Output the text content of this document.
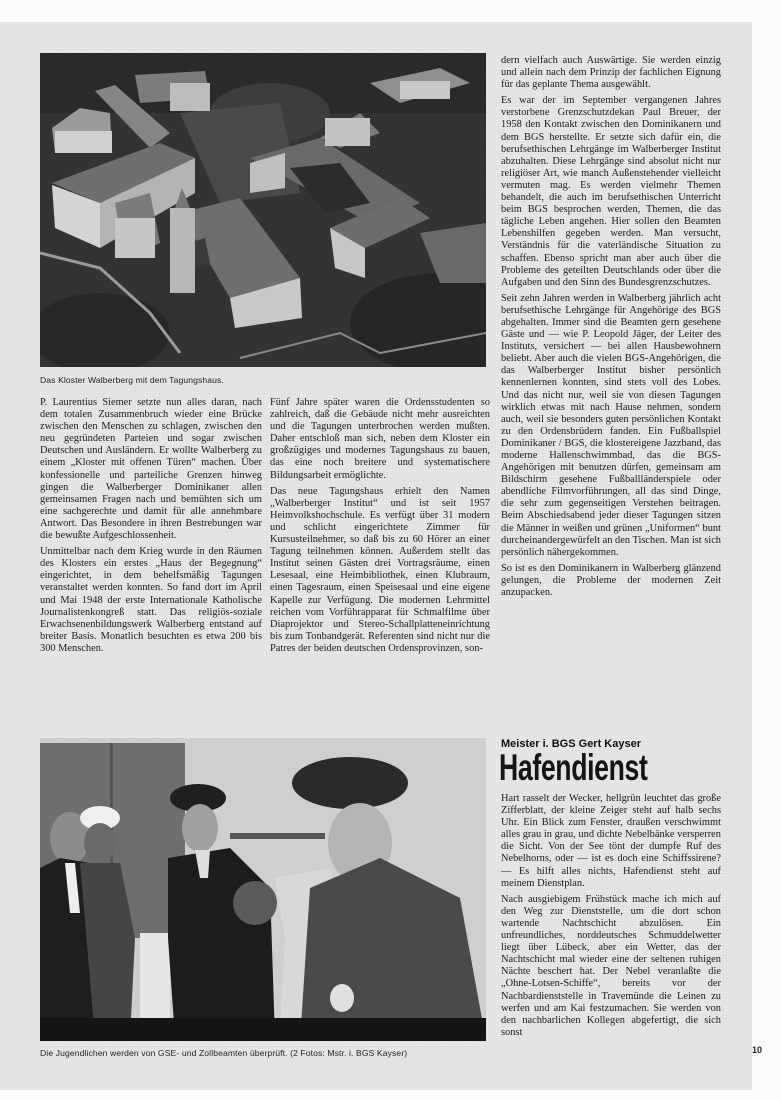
Das Kloster Walberberg mit dem Tagungshaus.

P. Laurentius Siemer setzte nun alles daran, nach dem totalen Zusammenbruch wieder eine Brücke zwischen den Menschen zu schlagen, zwischen den neu gegründeten Parteien und sogar zwischen Deutschen und Ausländern. Er wollte Walberberg zu einem „Kloster mit offenen Türen“ machen. Über konfessionelle und parteiliche Grenzen hinweg gingen die Walberberger Dominikaner allen gemeinsamen Fragen nach und bemühten sich um eine sachgerechte und damit für alle annehmbare Antwort. Das Besondere in ihren Bestrebungen war die bewußte Aufgeschlossenheit.

Unmittelbar nach dem Krieg wurde in den Räumen des Klosters ein erstes „Haus der Begegnung“ eingerichtet, in dem behelfsmäßig Tagungen veranstaltet werden konnten. So fand dort im April und Mai 1948 der erste Internationale Katholische Journalistenkongreß statt. Das religiös-soziale Erwachsenenbildungswerk Walberberg entstand auf breiter Basis. Monatlich besuchten es etwa 200 bis 300 Menschen.

Fünf Jahre später waren die Ordensstudenten so zahlreich, daß die Gebäude nicht mehr ausreichten und die Tagungen unterbrochen werden mußten. Daher entschloß man sich, neben dem Kloster ein großzügiges und modernes Tagungshaus zu bauen, das eine noch breitere und systematischere Bildungsarbeit ermöglichte.

Das neue Tagungshaus erhielt den Namen „Walberberger Institut“ und ist seit 1957 Heimvolkshochschule. Es verfügt über 31 modern und schlicht eingerichtete Zimmer für Kursusteilnehmer, so daß bis zu 60 Hörer an einer Tagung teilnehmen können. Außerdem stellt das Institut seinen Gästen drei Vortragsräume, einen Lesesaal, eine Heimbibliothek, einen Klubraum, einen Tagesraum, einen Speisesaal und eine eigene Kapelle zur Verfügung. Die modernen Lehrmittel reichen vom Vorführapparat für Schmalfilme über Diaprojektor und Stereo-Schallplatteneinrichtung bis zum Tonbandgerät. Referenten sind nicht nur die Patres der beiden deutschen Ordensprovinzen, son-

dern vielfach auch Auswärtige. Sie werden einzig und allein nach dem Prinzip der fachlichen Eignung für das geplante Thema ausgewählt.

Es war der im September vergangenen Jahres verstorbene Grenzschutzdekan Paul Breuer, der 1958 den Kontakt zwischen den Dominikanern und dem BGS herstellte. Er setzte sich dafür ein, die berufsethischen Lehrgänge im Walberberger Institut abzuhalten. Diese Lehrgänge sind absolut nicht nur religiöser Art, wie manch Außenstehender vielleicht vermuten mag. Es werden vielmehr Themen behandelt, die auch im berufsethischen Unterricht beim BGS besprochen werden, Themen, die das tägliche Leben angehen. Hier sollen den Beamten Lebenshilfen gegeben werden. Man versucht, Verständnis für die vaterländische Situation zu schaffen. Ebenso spricht man aber auch über die Probleme des geteilten Deutschlands oder über die Aufgaben und den Sinn des Bundesgrenzschutzes.

Seit zehn Jahren werden in Walberberg jährlich acht berufsethische Lehrgänge für Angehörige des BGS abgehalten. Immer sind die Beamten gern gesehene Gäste und — wie P. Leopold Jäger, der Leiter des Instituts, versichert — bei allen Hausbewohnern beliebt. Aber auch die vielen BGS-Angehörigen, die das Walberberger Institut bisher persönlich kennenlernen konnten, sind stets voll des Lobes. Und das nicht nur, weil sie von diesen Tagungen wirklich etwas mit nach Hause nehmen, sondern auch, weil sie besonders guten persönlichen Kontakt zu den Ordensbrüdern fanden. Ein Fußballspiel Dominikaner / BGS, die klostereigene Jazzband, das moderne Hallenschwimmbad, das die BGS-Angehörigen mit benutzen dürfen, gemeinsam am Bildschirm gesehene Fußballländerspiele oder abendliche Filmvorführungen, all das sind Dinge, die sehr zum gegenseitigen Verstehen beitragen. Beim Abschiedsabend jeder dieser Tagungen sitzen die Männer in weißen und grünen „Uniformen“ bunt durcheinandergewürfelt an den Tischen. Man ist sich persönlich nähergekommen.

So ist es den Dominikanern in Walberberg glänzend gelungen, die Probleme der modernen Zeit anzupacken.

Die Jugendlichen werden von GSE- und Zollbeamten überprüft. (2 Fotos: Mstr. i. BGS Kayser)
Meister i. BGS Gert Kayser
Hafendienst

Hart rasselt der Wecker, hellgrün leuchtet das große Zifferblatt, der kleine Zeiger steht auf halb sechs Uhr. Ein Blick zum Fenster, draußen verschwimmt alles grau in grau, und dichte Nebelbänke versperren die Sicht. Von der See tönt der dumpfe Ruf des Nebelhorns, oder — ist es doch eine Schiffssirene? — Es hilft alles nichts, Hafendienst steht auf meinem Dienstplan.

Nach ausgiebigem Frühstück mache ich mich auf den Weg zur Dienststelle, um die dort schon wartende Nachtschicht abzulösen. Ein unfreundliches, norddeutsches Schmuddelwetter liegt über Lübeck, aber ein Wetter, das der Nachtschicht mal wieder eine der seltenen ruhigen Nächte beschert hat. Der Nebel veranlaßte die „Ohne-Lotsen-Schiffe“, bereits vor der Nachbardienststelle in Travemünde die Leinen zu werfen und am Kai festzumachen. Sie werden von den nachbarlichen Kollegen abgefertigt, die sich sonst

10
